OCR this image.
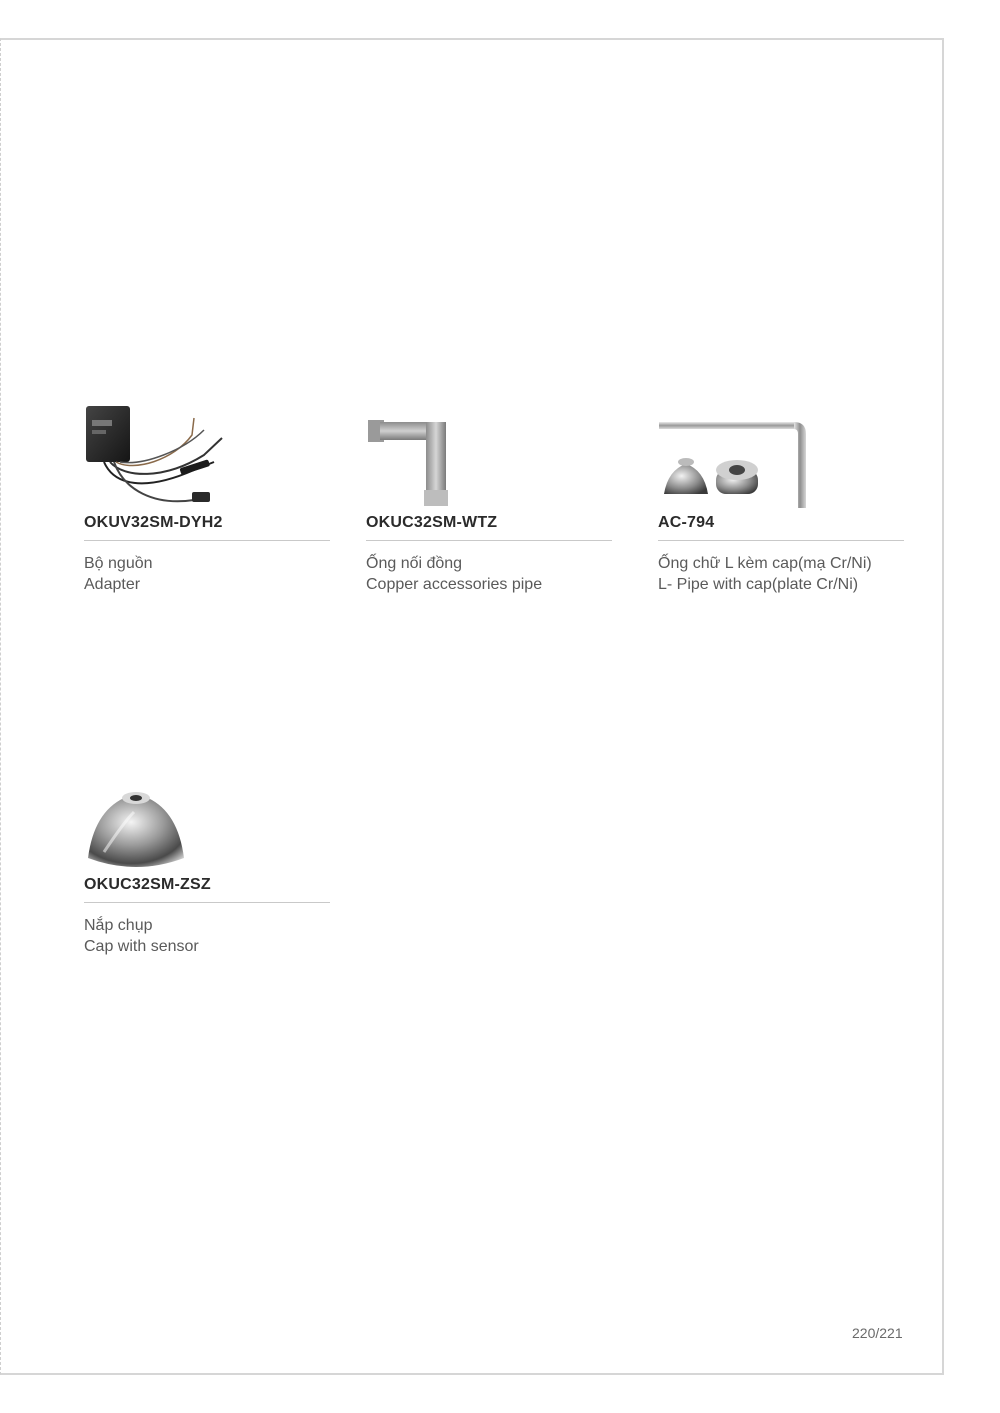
OKUV32SM-DYH2
Bộ nguồn
Adapter
OKUC32SM-WTZ
Ống nối đồng
Copper accessories pipe
AC-794
Ống chữ L kèm cap(mạ Cr/Ni)
L- Pipe with cap(plate Cr/Ni)
OKUC32SM-ZSZ
Nắp chụp
Cap with sensor
220/221
